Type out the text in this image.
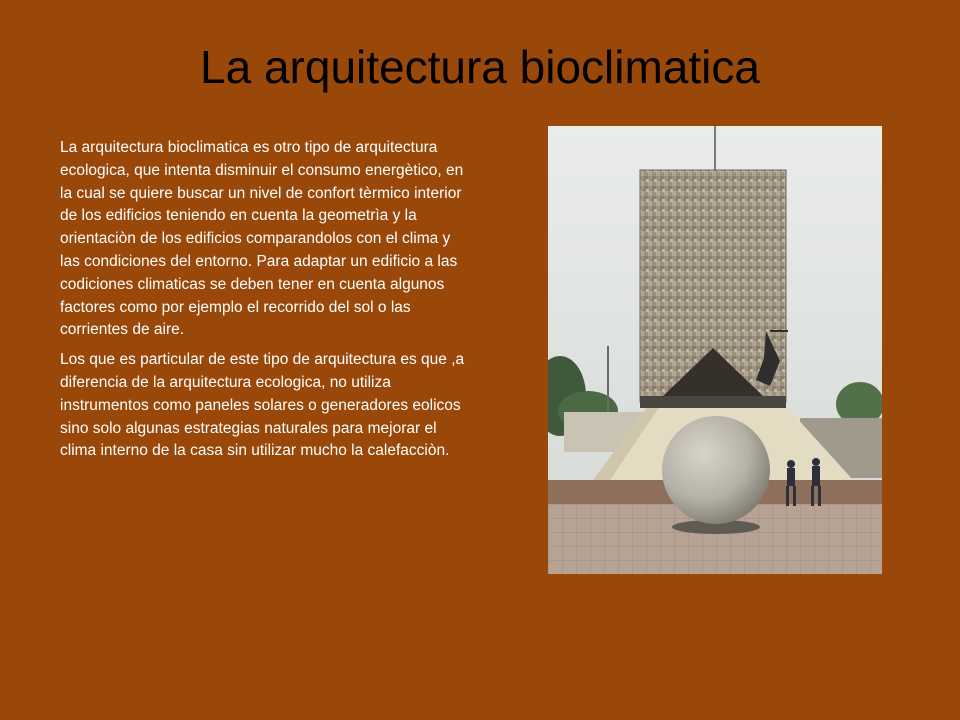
La arquitectura bioclimatica

La arquitectura bioclimatica es otro tipo de arquitectura ecologica, que intenta disminuir el consumo energètico, en la cual se quiere buscar un nivel de confort tèrmico interior de los edificios teniendo en cuenta la geometrìa y la orientaciòn de los edificios comparandolos con el clima y las condiciones del entorno. Para adaptar un edificio a las codiciones climaticas se deben tener en cuenta algunos factores como por ejemplo el recorrido del sol o las corrientes de aire.

Los que es particular de este tipo de arquitectura es que ,a diferencia de la arquitectura ecologica, no utiliza instrumentos como paneles solares o generadores eolicos sino solo algunas estrategias naturales para mejorar el clima interno de la casa sin utilizar mucho la calefacciòn.
